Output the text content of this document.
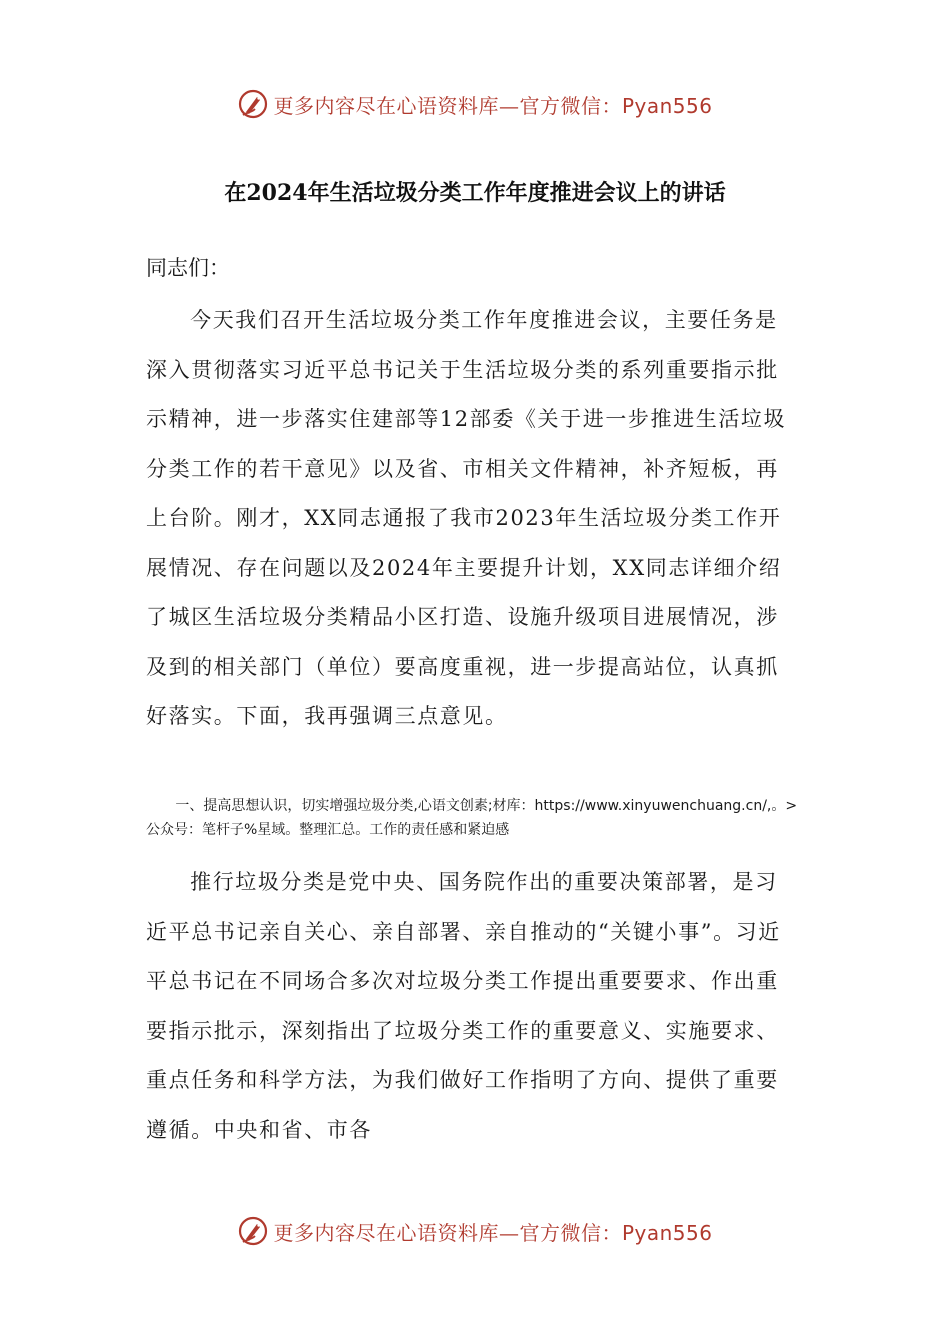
更多内容尽在心语资料库—官方微信：Pyan556
在2024年生活垃圾分类工作年度推进会议上的讲话
同志们：
今天我们召开生活垃圾分类工作年度推进会议，主要任务是深入贯彻落实习近平总书记关于生活垃圾分类的系列重要指示批示精神，进一步落实住建部等12部委《关于进一步推进生活垃圾分类工作的若干意见》以及省、市相关文件精神，补齐短板，再上台阶。刚才，XX同志通报了我市2023年生活垃圾分类工作开展情况、存在问题以及2024年主要提升计划，XX同志详细介绍了城区生活垃圾分类精品小区打造、设施升级项目进展情况，涉及到的相关部门（单位）要高度重视，进一步提高站位，认真抓好落实。下面，我再强调三点意见。
一、提高思想认识，切实增强垃圾分类,心语文创素;材库：https://www.xinyuwenchuang.cn/,。>公众号：笔杆子%星域。整理汇总。工作的责任感和紧迫感
推行垃圾分类是党中央、国务院作出的重要决策部署，是习近平总书记亲自关心、亲自部署、亲自推动的“关键小事”。习近平总书记在不同场合多次对垃圾分类工作提出重要要求、作出重要指示批示，深刻指出了垃圾分类工作的重要意义、实施要求、重点任务和科学方法，为我们做好工作指明了方向、提供了重要遵循。中央和省、市各
更多内容尽在心语资料库—官方微信：Pyan556
